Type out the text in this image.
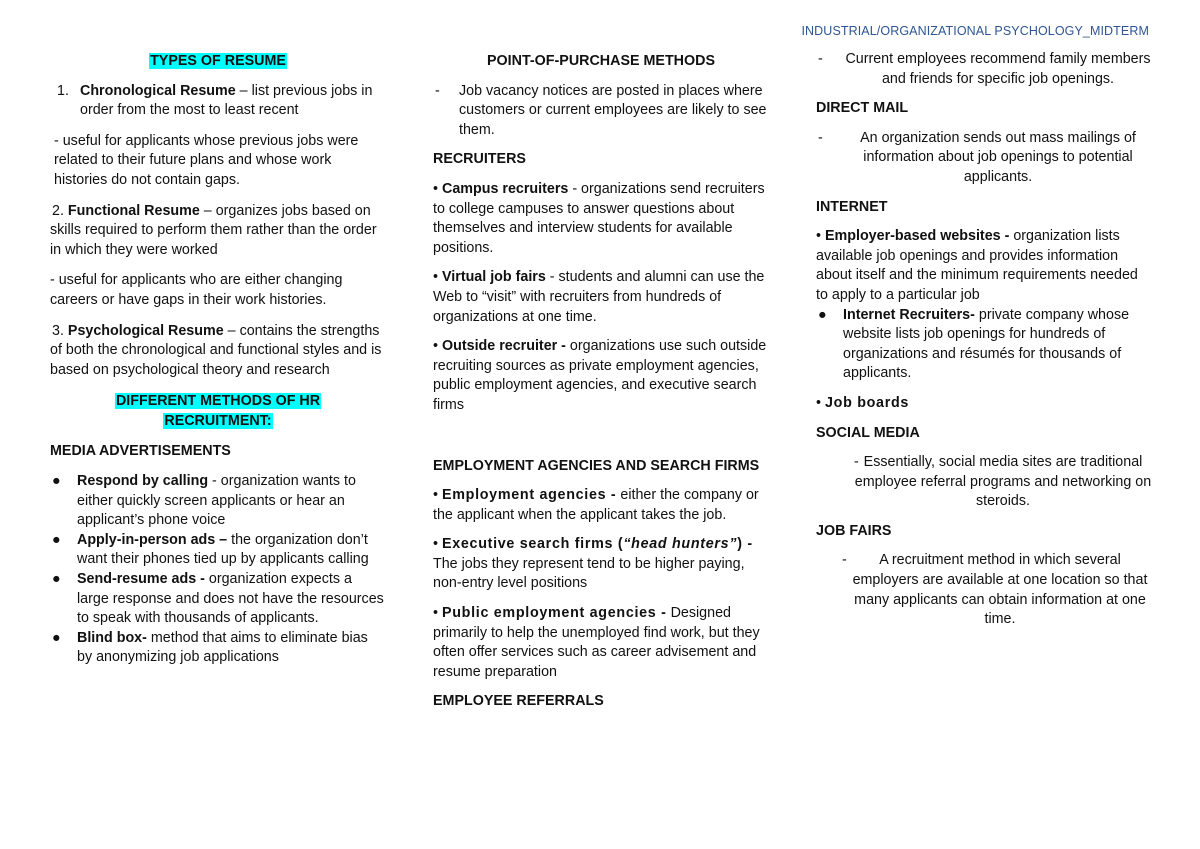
INDUSTRIAL/ORGANIZATIONAL PSYCHOLOGY_MIDTERM

TYPES OF RESUME

1. Chronological Resume – list previous jobs in order from the most to least recent

- useful for applicants whose previous jobs were related to their future plans and whose work histories do not contain gaps.

2. Functional Resume – organizes jobs based on skills required to perform them rather than the order in which they were worked

- useful for applicants who are either changing careers or have gaps in their work histories.

3. Psychological Resume – contains the strengths of both the chronological and functional styles and is based on psychological theory and research

DIFFERENT METHODS OF HR
RECRUITMENT:

MEDIA ADVERTISEMENTS

●	Respond by calling - organization wants to either quickly screen applicants or hear an applicant’s phone voice
●	Apply-in-person ads – the organization don’t want their phones tied up by applicants calling
●	Send-resume ads - organization expects a large response and does not have the resources to speak with thousands of applicants.
●	Blind box- method that aims to eliminate bias by anonymizing job applications

POINT-OF-PURCHASE METHODS

-	Job vacancy notices are posted in places where customers or current employees are likely to see them.

RECRUITERS

• Campus recruiters - organizations send recruiters to college campuses to answer questions about themselves and interview students for available positions.

• Virtual job fairs - students and alumni can use the Web to “visit” with recruiters from hundreds of organizations at one time.

• Outside recruiter - organizations use such outside recruiting sources as private employment agencies, public employment agencies, and executive search firms

EMPLOYMENT AGENCIES AND SEARCH FIRMS

• Employment agencies - either the company or the applicant when the applicant takes the job.

• Executive search firms (“head hunters”) - The jobs they represent tend to be higher paying, non-entry level positions

• Public employment agencies - Designed primarily to help the unemployed find work, but they often offer services such as career advisement and resume preparation

EMPLOYEE REFERRALS

-	Current employees recommend family members and friends for specific job openings.

DIRECT MAIL

-	An organization sends out mass mailings of information about job openings to potential applicants.

INTERNET

• Employer-based websites - organization lists available job openings and provides information about itself and the minimum requirements needed to apply to a particular job

●	Internet Recruiters- private company whose website lists job openings for hundreds of organizations and résumés for thousands of applicants.

• Job boards

SOCIAL MEDIA

- Essentially, social media sites are traditional employee referral programs and networking on steroids.

JOB FAIRS

-	A recruitment method in which several employers are available at one location so that many applicants can obtain information at one time.
